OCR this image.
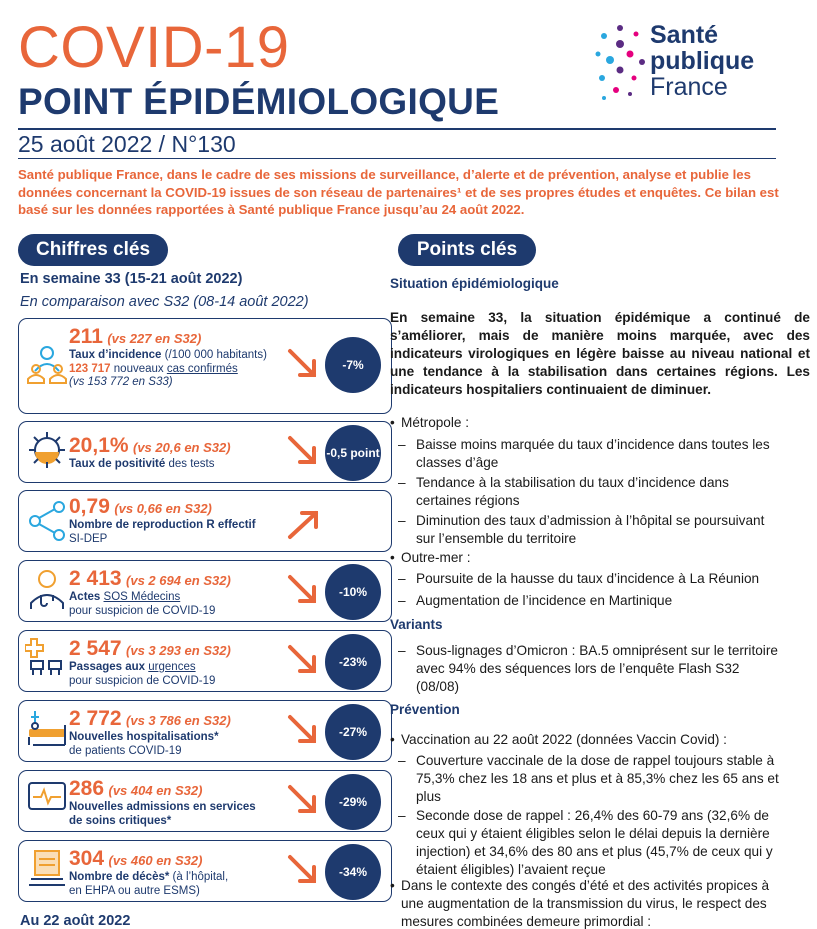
COVID-19
POINT ÉPIDÉMIOLOGIQUE
25 août 2022 / N°130
Santé
publique
France
Santé publique France, dans le cadre de ses missions de surveillance, d’alerte et de prévention, analyse et publie les données concernant la COVID-19 issues de son réseau de partenaires¹ et de ses propres études et enquêtes. Ce bilan est basé sur les données rapportées à Santé publique France jusqu’au 24 août 2022.
Chiffres clés
En semaine 33 (15-21 août 2022)
En comparaison avec S32 (08-14 août 2022)
211 (vs 227 en S32)
Taux d’incidence (/100 000 habitants)
123 717 nouveaux cas confirmés
(vs 153 772 en S33)
-7%
20,1% (vs 20,6 en S32)
Taux de positivité des tests
-0,5 point
0,79 (vs 0,66 en S32)
Nombre de reproduction R effectif
SI-DEP
2 413 (vs 2 694 en S32)
Actes SOS Médecins
pour suspicion de COVID-19
-10%
2 547 (vs 3 293 en S32)
Passages aux urgences
pour suspicion de COVID-19
-23%
2 772 (vs 3 786 en S32)
Nouvelles hospitalisations*
de patients COVID-19
-27%
286 (vs 404 en S32)
Nouvelles admissions en services
de soins critiques*
-29%
304 (vs 460 en S32)
Nombre de décès* (à l’hôpital,
en EHPA ou autre ESMS)
-34%
Au 22 août 2022
Points clés
Situation épidémiologique
En semaine 33, la situation épidémique a continué de s’améliorer, mais de manière moins marquée, avec des indicateurs virologiques en légère baisse au niveau national et une tendance à la stabilisation dans certaines régions. Les indicateurs hospitaliers continuaient de diminuer.
• Métropole :
– Baisse moins marquée du taux d’incidence dans toutes les
classes d’âge
– Tendance à la stabilisation du taux d’incidence dans
certaines régions
– Diminution des taux d’admission à l’hôpital se poursuivant
sur l’ensemble du territoire
• Outre-mer :
– Poursuite de la hausse du taux d’incidence à La Réunion
– Augmentation de l’incidence en Martinique
Variants
– Sous-lignages d’Omicron : BA.5 omniprésent sur le territoire
avec 94% des séquences lors de l’enquête Flash S32
(08/08)
Prévention
• Vaccination au 22 août 2022 (données Vaccin Covid) :
– Couverture vaccinale de la dose de rappel toujours stable à
75,3% chez les 18 ans et plus et à 85,3% chez les 65 ans et
plus
– Seconde dose de rappel : 26,4% des 60-79 ans (32,6% de
ceux qui y étaient éligibles selon le délai depuis la dernière
injection) et 34,6% des 80 ans et plus (45,7% de ceux qui y
étaient éligibles) l’avaient reçue
• Dans le contexte des congés d’été et des activités propices à
une augmentation de la transmission du virus, le respect des
mesures combinées demeure primordial :
